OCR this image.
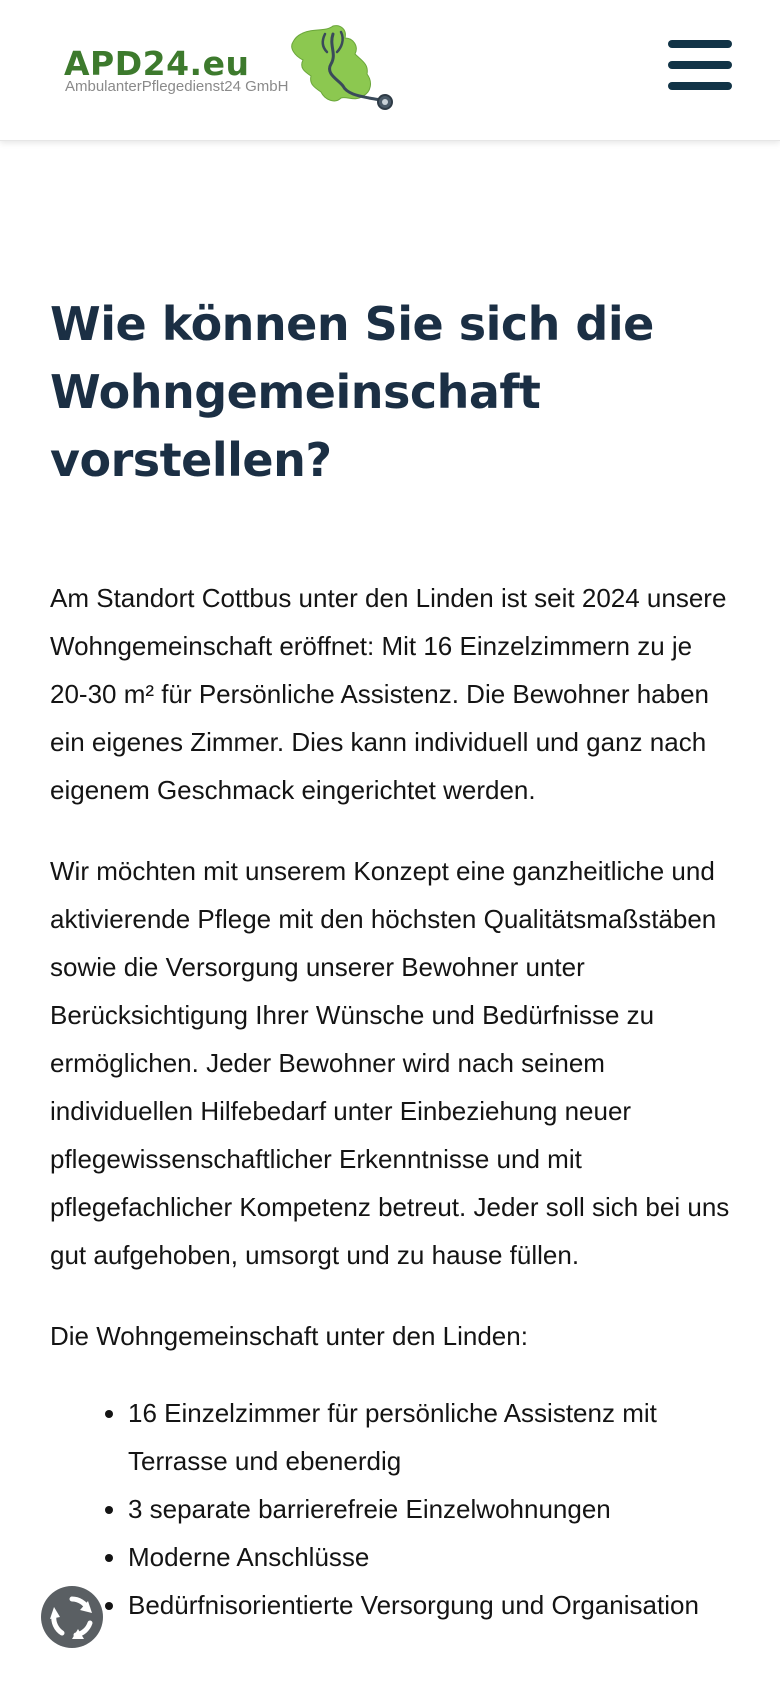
APD24.eu
AmbulanterPflegedienst24 GmbH
Wie können Sie sich die Wohngemeinschaft vorstellen?

Am Standort Cottbus unter den Linden ist seit 2024 unsere Wohngemeinschaft eröffnet: Mit 16 Einzelzimmern zu je 20-30 m² für Persönliche Assistenz. Die Bewohner haben ein eigenes Zimmer. Dies kann individuell und ganz nach eigenem Geschmack eingerichtet werden.

Wir möchten mit unserem Konzept eine ganzheitliche und aktivierende Pflege mit den höchsten Qualitätsmaßstäben sowie die Versorgung unserer Bewohner unter Berücksichtigung Ihrer Wünsche und Bedürfnisse zu ermöglichen. Jeder Bewohner wird nach seinem individuellen Hilfebedarf unter Einbeziehung neuer pflegewissenschaftlicher Erkenntnisse und mit pflegefachlicher Kompetenz betreut. Jeder soll sich bei uns gut aufgehoben, umsorgt und zu hause füllen.

Die Wohngemeinschaft unter den Linden:

• 16 Einzelzimmer für persönliche Assistenz mit Terrasse und ebenerdig
• 3 separate barrierefreie Einzelwohnungen
• Moderne Anschlüsse
• Bedürfnisorientierte Versorgung und Organisation
